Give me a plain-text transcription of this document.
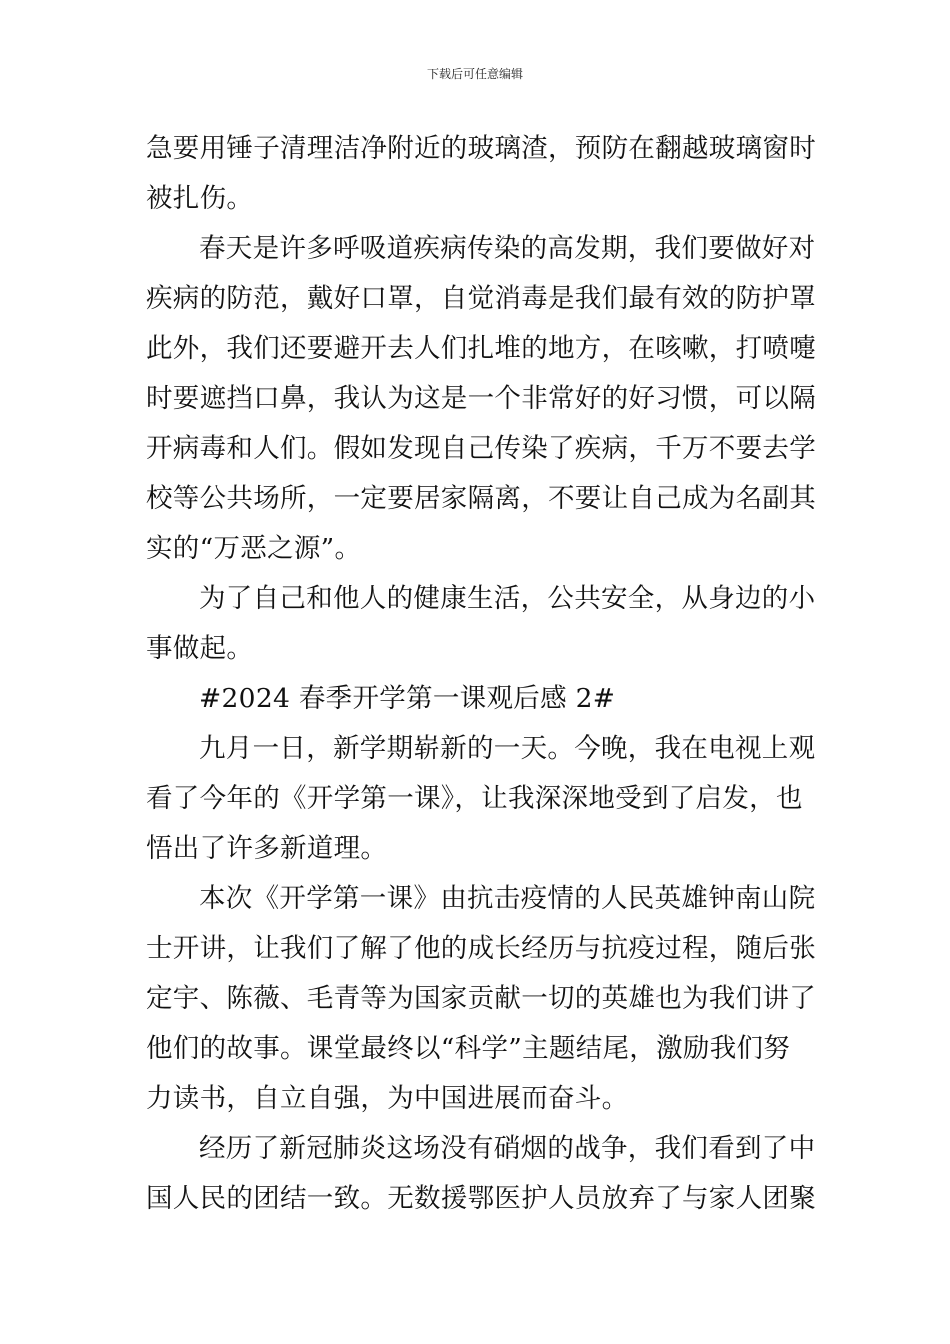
下载后可任意编辑

急要用锤子清理洁净附近的玻璃渣，预防在翻越玻璃窗时
被扎伤。

春天是许多呼吸道疾病传染的高发期，我们要做好对
疾病的防范，戴好口罩，自觉消毒是我们最有效的防护罩
此外，我们还要避开去人们扎堆的地方，在咳嗽，打喷嚏
时要遮挡口鼻，我认为这是一个非常好的好习惯，可以隔
开病毒和人们。假如发现自己传染了疾病，千万不要去学
校等公共场所，一定要居家隔离，不要让自己成为名副其
实的“万恶之源”。

为了自己和他人的健康生活，公共安全，从身边的小
事做起。

#2024 春季开学第一课观后感 2#

九月一日，新学期崭新的一天。今晚，我在电视上观
看了今年的《开学第一课》，让我深深地受到了启发，也
悟出了许多新道理。

本次《开学第一课》由抗击疫情的人民英雄钟南山院
士开讲，让我们了解了他的成长经历与抗疫过程，随后张
定宇、陈薇、毛青等为国家贡献一切的英雄也为我们讲了
他们的故事。课堂最终以“科学”主题结尾，激励我们努
力读书，自立自强，为中国进展而奋斗。

经历了新冠肺炎这场没有硝烟的战争，我们看到了中
国人民的团结一致。无数援鄂医护人员放弃了与家人团聚
